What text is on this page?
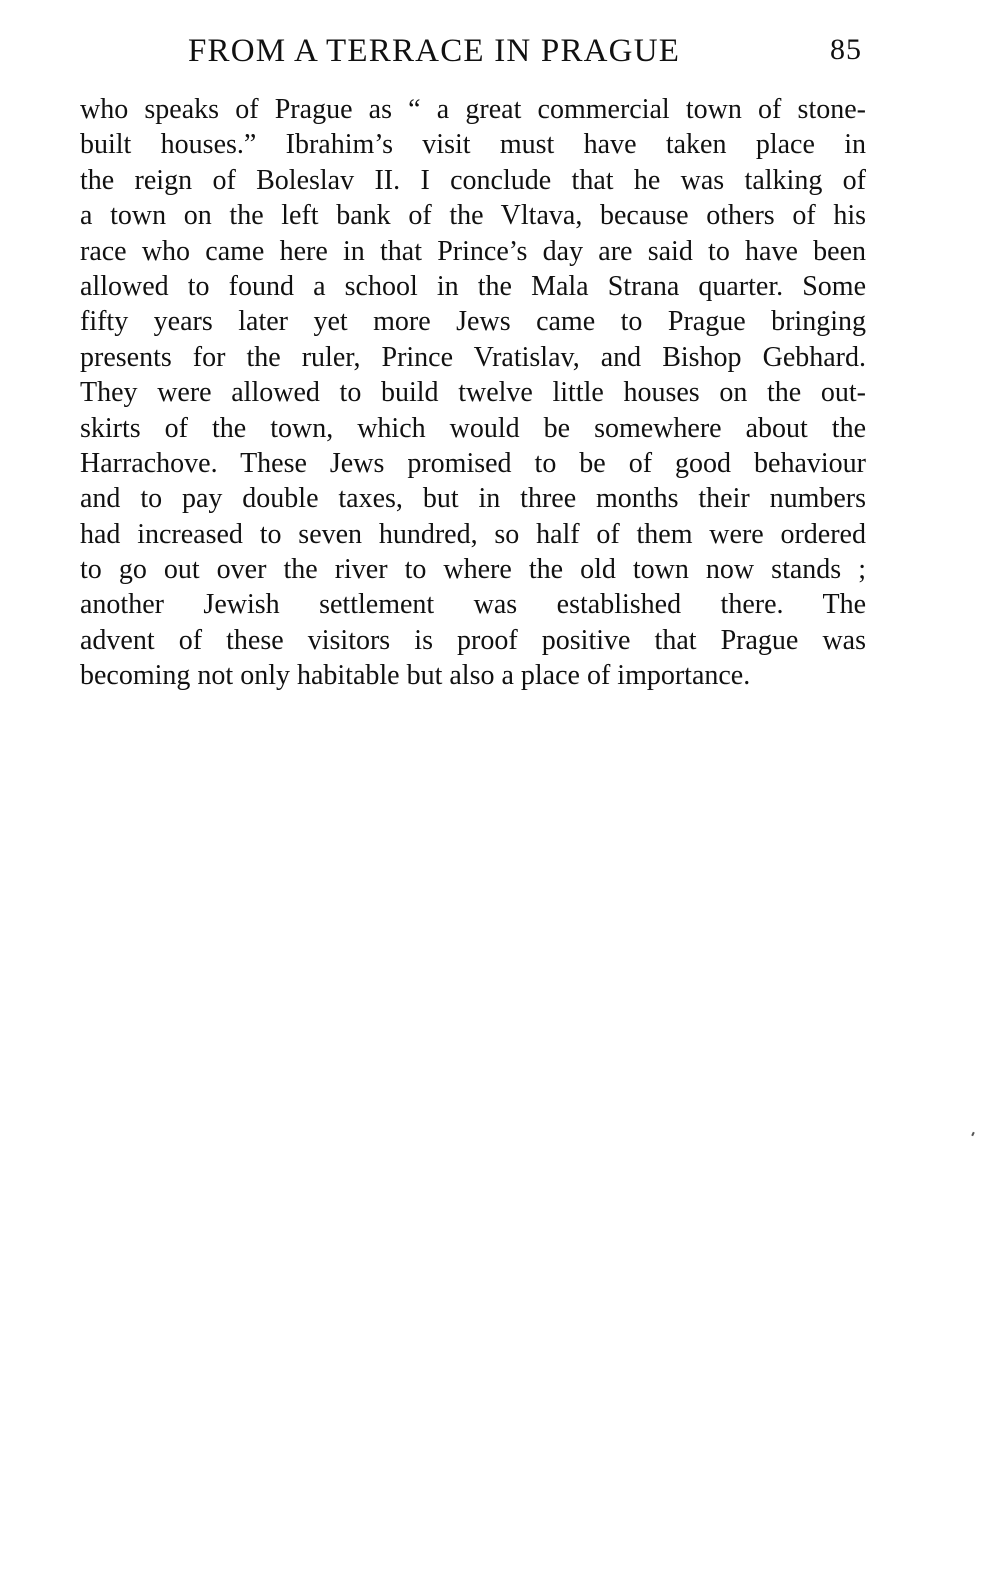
FROM A TERRACE IN PRAGUE	85
who speaks of Prague as “ a great commercial town of stone-
built houses.” Ibrahim’s visit must have taken place in
the reign of Boleslav II. I conclude that he was talking of
a town on the left bank of the Vltava, because others of his
race who came here in that Prince’s day are said to have been
allowed to found a school in the Mala Strana quarter. Some
fifty years later yet more Jews came to Prague bringing
presents for the ruler, Prince Vratislav, and Bishop Gebhard.
They were allowed to build twelve little houses on the out-
skirts of the town, which would be somewhere about the
Harrachove. These Jews promised to be of good behaviour
and to pay double taxes, but in three months their numbers
had increased to seven hundred, so half of them were ordered
to go out over the river to where the old town now stands ;
another Jewish settlement was established there. The
advent of these visitors is proof positive that Prague was
becoming not only habitable but also a place of importance.
